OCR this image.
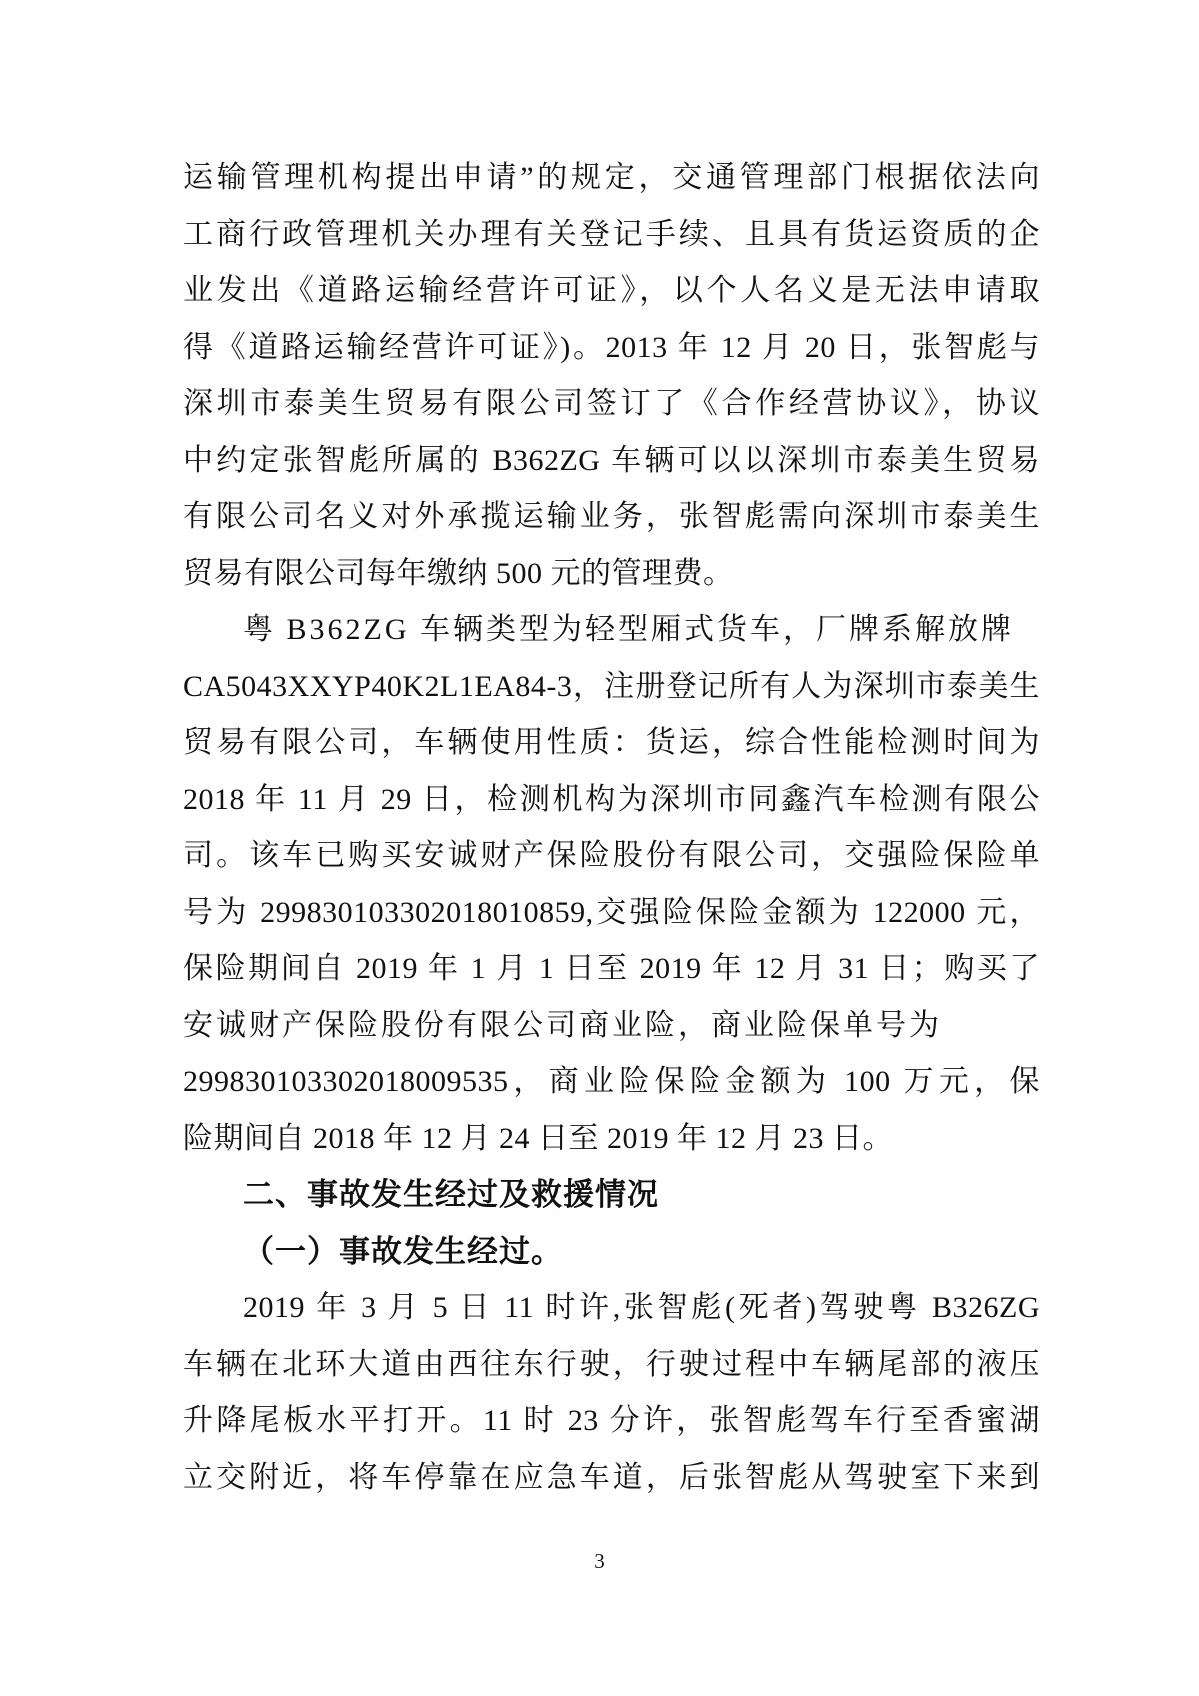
运输管理机构提出申请”的规定，交通管理部门根据依法向
工商行政管理机关办理有关登记手续、且具有货运资质的企
业发出《道路运输经营许可证》，以个人名义是无法申请取
得《道路运输经营许可证》)。2013 年 12 月 20 日，张智彪与
深圳市泰美生贸易有限公司签订了《合作经营协议》，协议
中约定张智彪所属的 B362ZG 车辆可以以深圳市泰美生贸易
有限公司名义对外承揽运输业务，张智彪需向深圳市泰美生
贸易有限公司每年缴纳 500 元的管理费。
粤 B362ZG 车辆类型为轻型厢式货车，厂牌系解放牌
CA5043XXYP40K2L1EA84-3，注册登记所有人为深圳市泰美生
贸易有限公司，车辆使用性质：货运，综合性能检测时间为
2018 年 11 月 29 日，检测机构为深圳市同鑫汽车检测有限公
司。该车已购买安诚财产保险股份有限公司，交强险保险单
号为 299830103302018010859,交强险保险金额为 122000 元，
保险期间自 2019 年 1 月 1 日至 2019 年 12 月 31 日；购买了
安诚财产保险股份有限公司商业险，商业险保单号为
299830103302018009535，商业险保险金额为 100 万元，保
险期间自 2018 年 12 月 24 日至 2019 年 12 月 23 日。
二、事故发生经过及救援情况
（一）事故发生经过。
2019 年 3 月 5 日 11 时许,张智彪(死者)驾驶粤 B326ZG
车辆在北环大道由西往东行驶，行驶过程中车辆尾部的液压
升降尾板水平打开。11 时 23 分许，张智彪驾车行至香蜜湖
立交附近，将车停靠在应急车道，后张智彪从驾驶室下来到
3
